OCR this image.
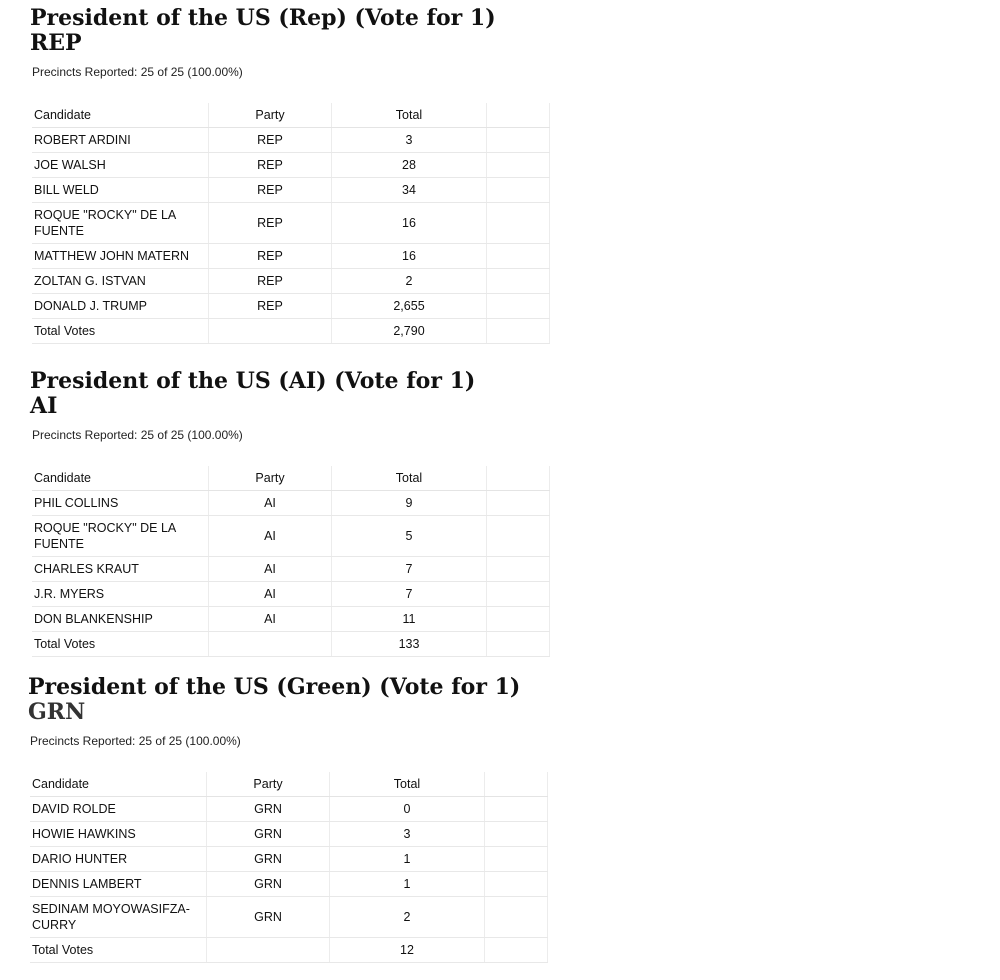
President of the US (Rep) (Vote for 1)
REP
Precincts Reported: 25 of 25 (100.00%)
Candidate	Party	Total	
ROBERT ARDINI	REP	3	
JOE WALSH	REP	28	
BILL WELD	REP	34	
ROQUE "ROCKY" DE LA FUENTE	REP	16	
MATTHEW JOHN MATERN	REP	16	
ZOLTAN G. ISTVAN	REP	2	
DONALD J. TRUMP	REP	2,655	
Total Votes		2,790	
President of the US (AI) (Vote for 1)
AI
Precincts Reported: 25 of 25 (100.00%)
Candidate	Party	Total	
PHIL COLLINS	AI	9	
ROQUE "ROCKY" DE LA FUENTE	AI	5	
CHARLES KRAUT	AI	7	
J.R. MYERS	AI	7	
DON BLANKENSHIP	AI	11	
Total Votes		133	
President of the US (Green) (Vote for 1)
GRN
Precincts Reported: 25 of 25 (100.00%)
Candidate	Party	Total	
DAVID ROLDE	GRN	0	
HOWIE HAWKINS	GRN	3	
DARIO HUNTER	GRN	1	
DENNIS LAMBERT	GRN	1	
SEDINAM MOYOWASIFZA-CURRY	GRN	2	
Total Votes		12	
